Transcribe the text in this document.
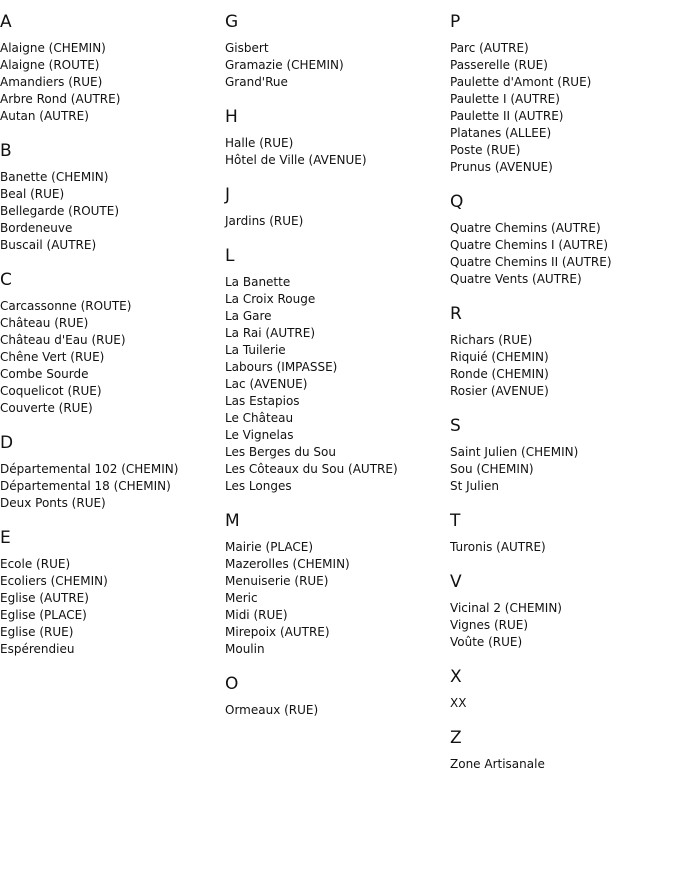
A
Alaigne (CHEMIN)
Alaigne (ROUTE)
Amandiers (RUE)
Arbre Rond (AUTRE)
Autan (AUTRE)
B
Banette (CHEMIN)
Beal (RUE)
Bellegarde (ROUTE)
Bordeneuve
Buscail (AUTRE)
C
Carcassonne (ROUTE)
Château (RUE)
Château d'Eau (RUE)
Chêne Vert (RUE)
Combe Sourde
Coquelicot (RUE)
Couverte (RUE)
D
Départemental 102 (CHEMIN)
Départemental 18 (CHEMIN)
Deux Ponts (RUE)
E
Ecole (RUE)
Ecoliers (CHEMIN)
Eglise (AUTRE)
Eglise (PLACE)
Eglise (RUE)
Espérendieu
G
Gisbert
Gramazie (CHEMIN)
Grand'Rue
H
Halle (RUE)
Hôtel de Ville (AVENUE)
J
Jardins (RUE)
L
La Banette
La Croix Rouge
La Gare
La Rai (AUTRE)
La Tuilerie
Labours (IMPASSE)
Lac (AVENUE)
Las Estapios
Le Château
Le Vignelas
Les Berges du Sou
Les Côteaux du Sou (AUTRE)
Les Longes
M
Mairie (PLACE)
Mazerolles (CHEMIN)
Menuiserie (RUE)
Meric
Midi (RUE)
Mirepoix (AUTRE)
Moulin
O
Ormeaux (RUE)
P
Parc (AUTRE)
Passerelle (RUE)
Paulette d'Amont (RUE)
Paulette I (AUTRE)
Paulette II (AUTRE)
Platanes (ALLEE)
Poste (RUE)
Prunus (AVENUE)
Q
Quatre Chemins (AUTRE)
Quatre Chemins I (AUTRE)
Quatre Chemins II (AUTRE)
Quatre Vents (AUTRE)
R
Richars (RUE)
Riquié (CHEMIN)
Ronde (CHEMIN)
Rosier (AVENUE)
S
Saint Julien (CHEMIN)
Sou (CHEMIN)
St Julien
T
Turonis (AUTRE)
V
Vicinal 2 (CHEMIN)
Vignes (RUE)
Voûte (RUE)
X
XX
Z
Zone Artisanale
